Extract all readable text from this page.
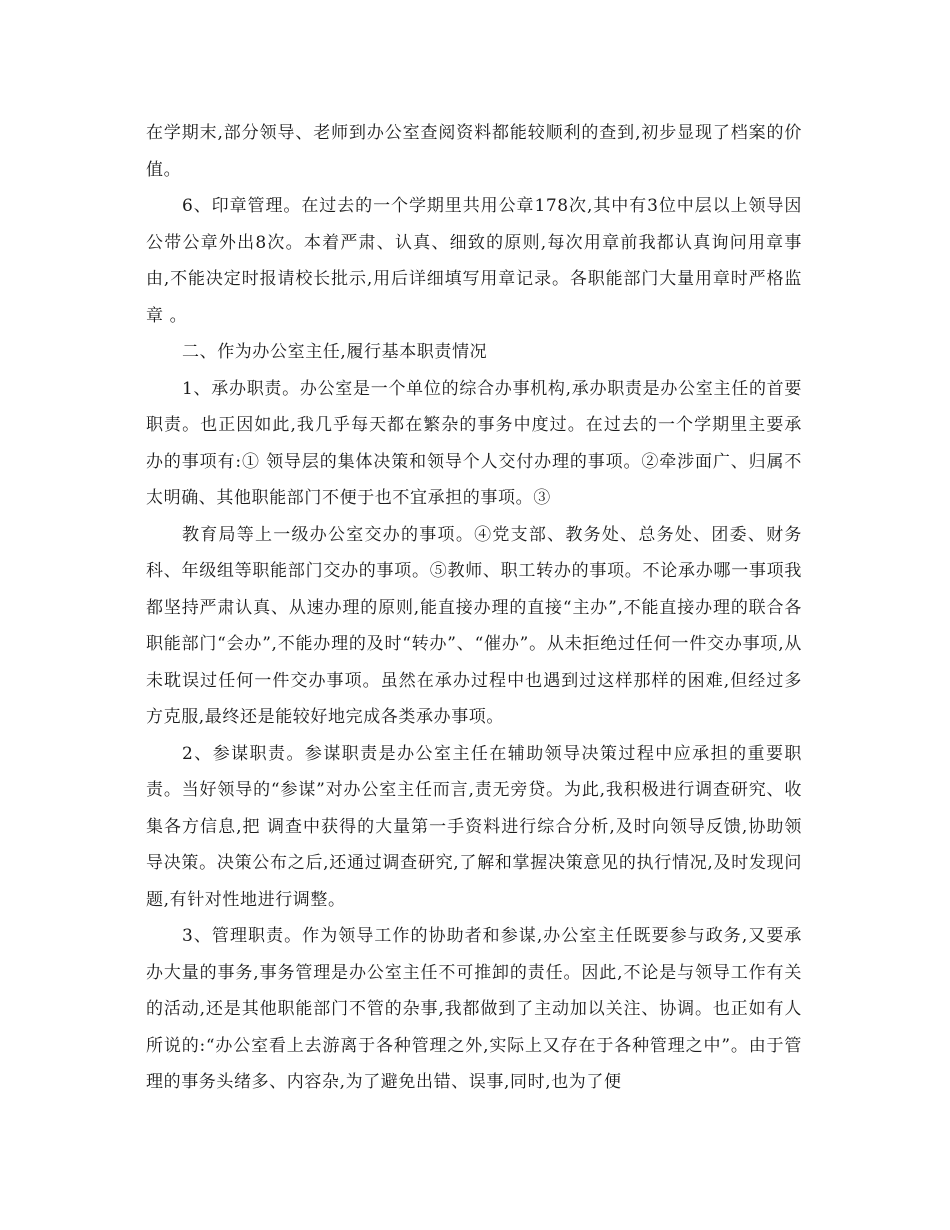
在学期末,部分领导、老师到办公室查阅资料都能较顺利的查到,初步显现了档案的价值。

6、印章管理。在过去的一个学期里共用公章178次,其中有3位中层以上领导因公带公章外出8次。本着严肃、认真、细致的原则,每次用章前我都认真询问用章事由,不能决定时报请校长批示,用后详细填写用章记录。各职能部门大量用章时严格监章 。

二、作为办公室主任,履行基本职责情况

1、承办职责。办公室是一个单位的综合办事机构,承办职责是办公室主任的首要职责。也正因如此,我几乎每天都在繁杂的事务中度过。在过去的一个学期里主要承办的事项有:① 领导层的集体决策和领导个人交付办理的事项。②牵涉面广、归属不太明确、其他职能部门不便于也不宜承担的事项。③

教育局等上一级办公室交办的事项。④党支部、教务处、总务处、团委、财务科、年级组等职能部门交办的事项。⑤教师、职工转办的事项。不论承办哪一事项我都坚持严肃认真、从速办理的原则,能直接办理的直接“主办”,不能直接办理的联合各职能部门“会办”,不能办理的及时“转办”、“催办”。从未拒绝过任何一件交办事项,从未耽误过任何一件交办事项。虽然在承办过程中也遇到过这样那样的困难,但经过多方克服,最终还是能较好地完成各类承办事项。

2、参谋职责。参谋职责是办公室主任在辅助领导决策过程中应承担的重要职责。当好领导的“参谋”对办公室主任而言,责无旁贷。为此,我积极进行调查研究、收集各方信息,把 调查中获得的大量第一手资料进行综合分析,及时向领导反馈,协助领导决策。决策公布之后,还通过调查研究,了解和掌握决策意见的执行情况,及时发现问题,有针对性地进行调整。

3、管理职责。作为领导工作的协助者和参谋,办公室主任既要参与政务,又要承办大量的事务,事务管理是办公室主任不可推卸的责任。因此,不论是与领导工作有关的活动,还是其他职能部门不管的杂事,我都做到了主动加以关注、协调。也正如有人所说的:“办公室看上去游离于各种管理之外,实际上又存在于各种管理之中”。由于管理的事务头绪多、内容杂,为了避免出错、误事,同时,也为了便
